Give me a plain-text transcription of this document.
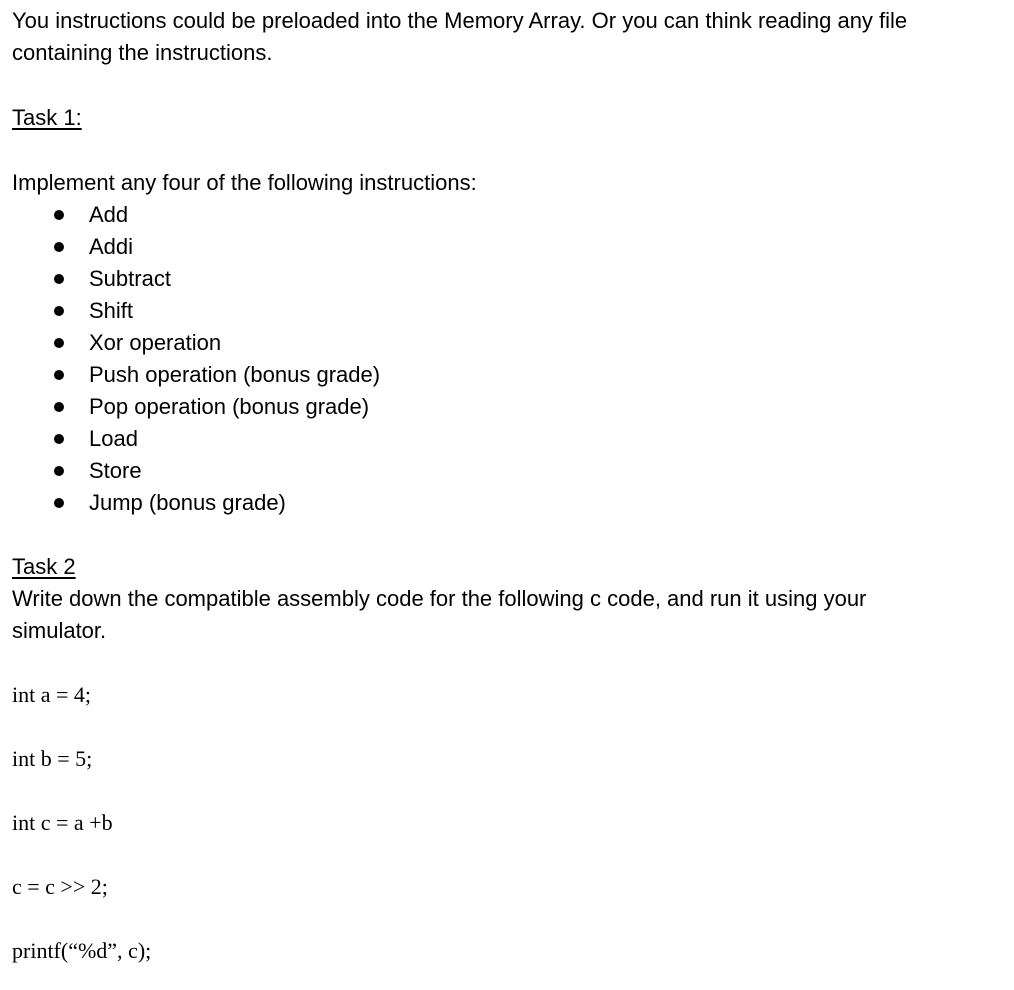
You instructions could be preloaded into the Memory Array. Or you can think reading any file

containing the instructions.

Task 1:

Implement any four of the following instructions:

Add
Addi
Subtract
Shift
Xor operation
Push operation (bonus grade)
Pop operation (bonus grade)
Load
Store
Jump (bonus grade)

Task 2

Write down the compatible assembly code for the following c code, and run it using your

simulator.

int a = 4;

int b = 5;

int c = a +b

c = c >> 2;

printf(“%d”, c);
